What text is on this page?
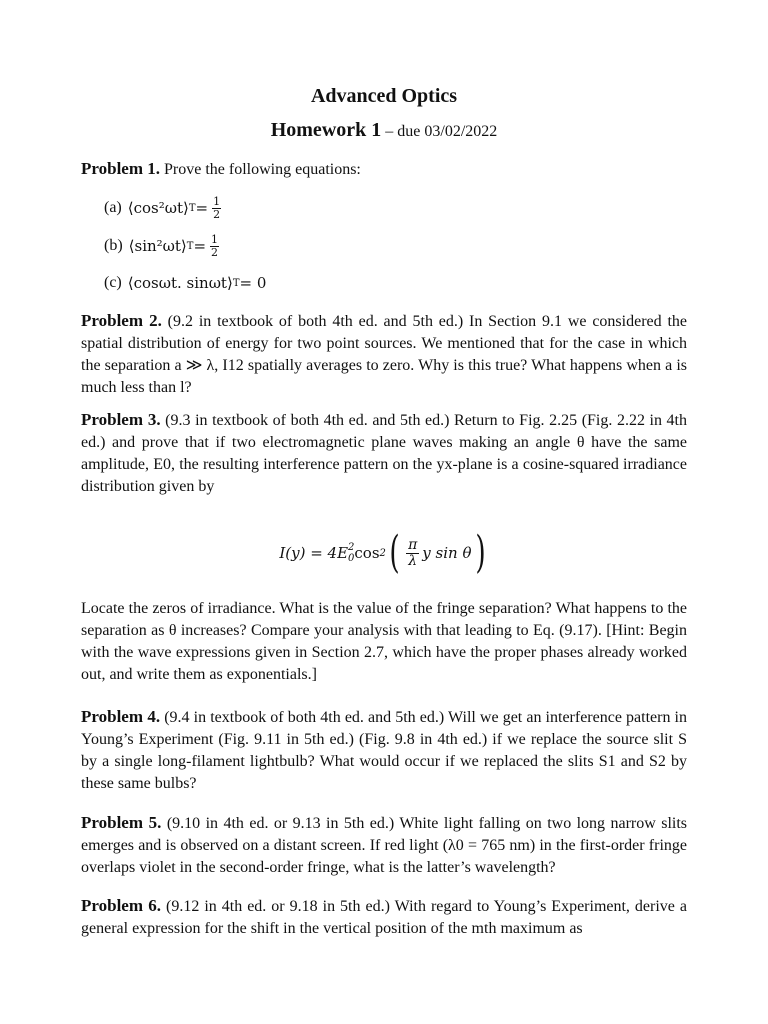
Advanced Optics
Homework 1 – due 03/02/2022
Problem 1. Prove the following equations:
(a) ⟨cos²ωt⟩ $T = \frac{1}{2}$
(b) ⟨sin²ωt⟩ $T = \frac{1}{2}$
(c) ⟨cosωt. sinωt⟩ T = 0
Problem 2. (9.2 in textbook of both 4th ed. and 5th ed.) In Section 9.1 we considered the spatial distribution of energy for two point sources. We mentioned that for the case in which the separation a ≫ λ, I12 spatially averages to zero. Why is this true? What happens when a is much less than l?
Problem 3. (9.3 in textbook of both 4th ed. and 5th ed.) Return to Fig. 2.25 (Fig. 2.22 in 4th ed.) and prove that if two electromagnetic plane waves making an angle θ have the same amplitude, E0, the resulting interference pattern on the yx-plane is a cosine-squared irradiance distribution given by
I(y) = 4E 2
0 cos 2 ( π
λ y sin θ )
Locate the zeros of irradiance. What is the value of the fringe separation? What happens to the separation as θ increases? Compare your analysis with that leading to Eq. (9.17). [Hint: Begin with the wave expressions given in Section 2.7, which have the proper phases already worked out, and write them as exponentials.]
Problem 4. (9.4 in textbook of both 4th ed. and 5th ed.) Will we get an interference pattern in Young’s Experiment (Fig. 9.11 in 5th ed.) (Fig. 9.8 in 4th ed.) if we replace the source slit S by a single long-filament lightbulb? What would occur if we replaced the slits S1 and S2 by these same bulbs?
Problem 5. (9.10 in 4th ed. or 9.13 in 5th ed.) White light falling on two long narrow slits emerges and is observed on a distant screen. If red light (λ0 = 765 nm) in the first-order fringe overlaps violet in the second-order fringe, what is the latter’s wavelength?
Problem 6. (9.12 in 4th ed. or 9.18 in 5th ed.) With regard to Young’s Experiment, derive a general expression for the shift in the vertical position of the mth maximum as
